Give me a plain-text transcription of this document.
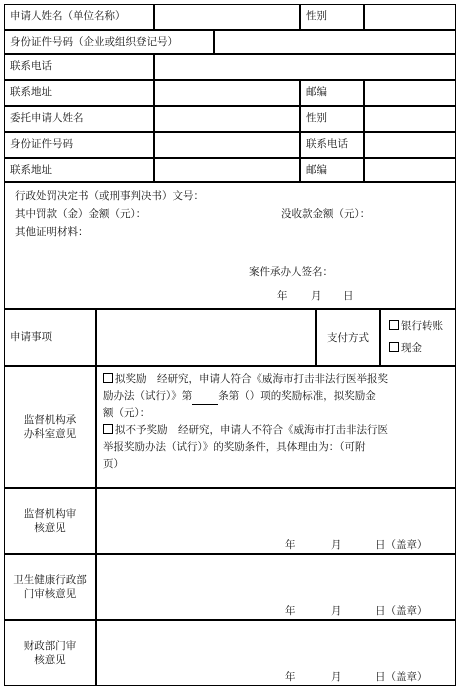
申请人姓名（单位名称）	性别
身份证件号码（企业或组织登记号）
联系电话
联系地址	邮编
委托申请人姓名	性别
身份证件号码	联系电话
联系地址	邮编
行政处罚决定书（或刑事判决书）文号：
其中罚款（金）金额（元）：	没收款金额（元）：
其他证明材料：
案件承办人签名：
年 月 日
申请事项	支付方式
银行转账
现金
监督机构承办科室意见
拟奖励　经研究，申请人符合《威海市打击非法行医举报奖
励办法（试行）》第 条第（）项的奖励标准，拟奖励金
额（元）：
拟不予奖励　经研究，申请人不符合《威海市打击非法行医
举报奖励办法（试行）》的奖励条件，具体理由为：（可附
页）
监督机构审核意见
年	月	日（盖章）
卫生健康行政部门审核意见
年	月	日（盖章）
财政部门审核意见
年	月	日（盖章）
